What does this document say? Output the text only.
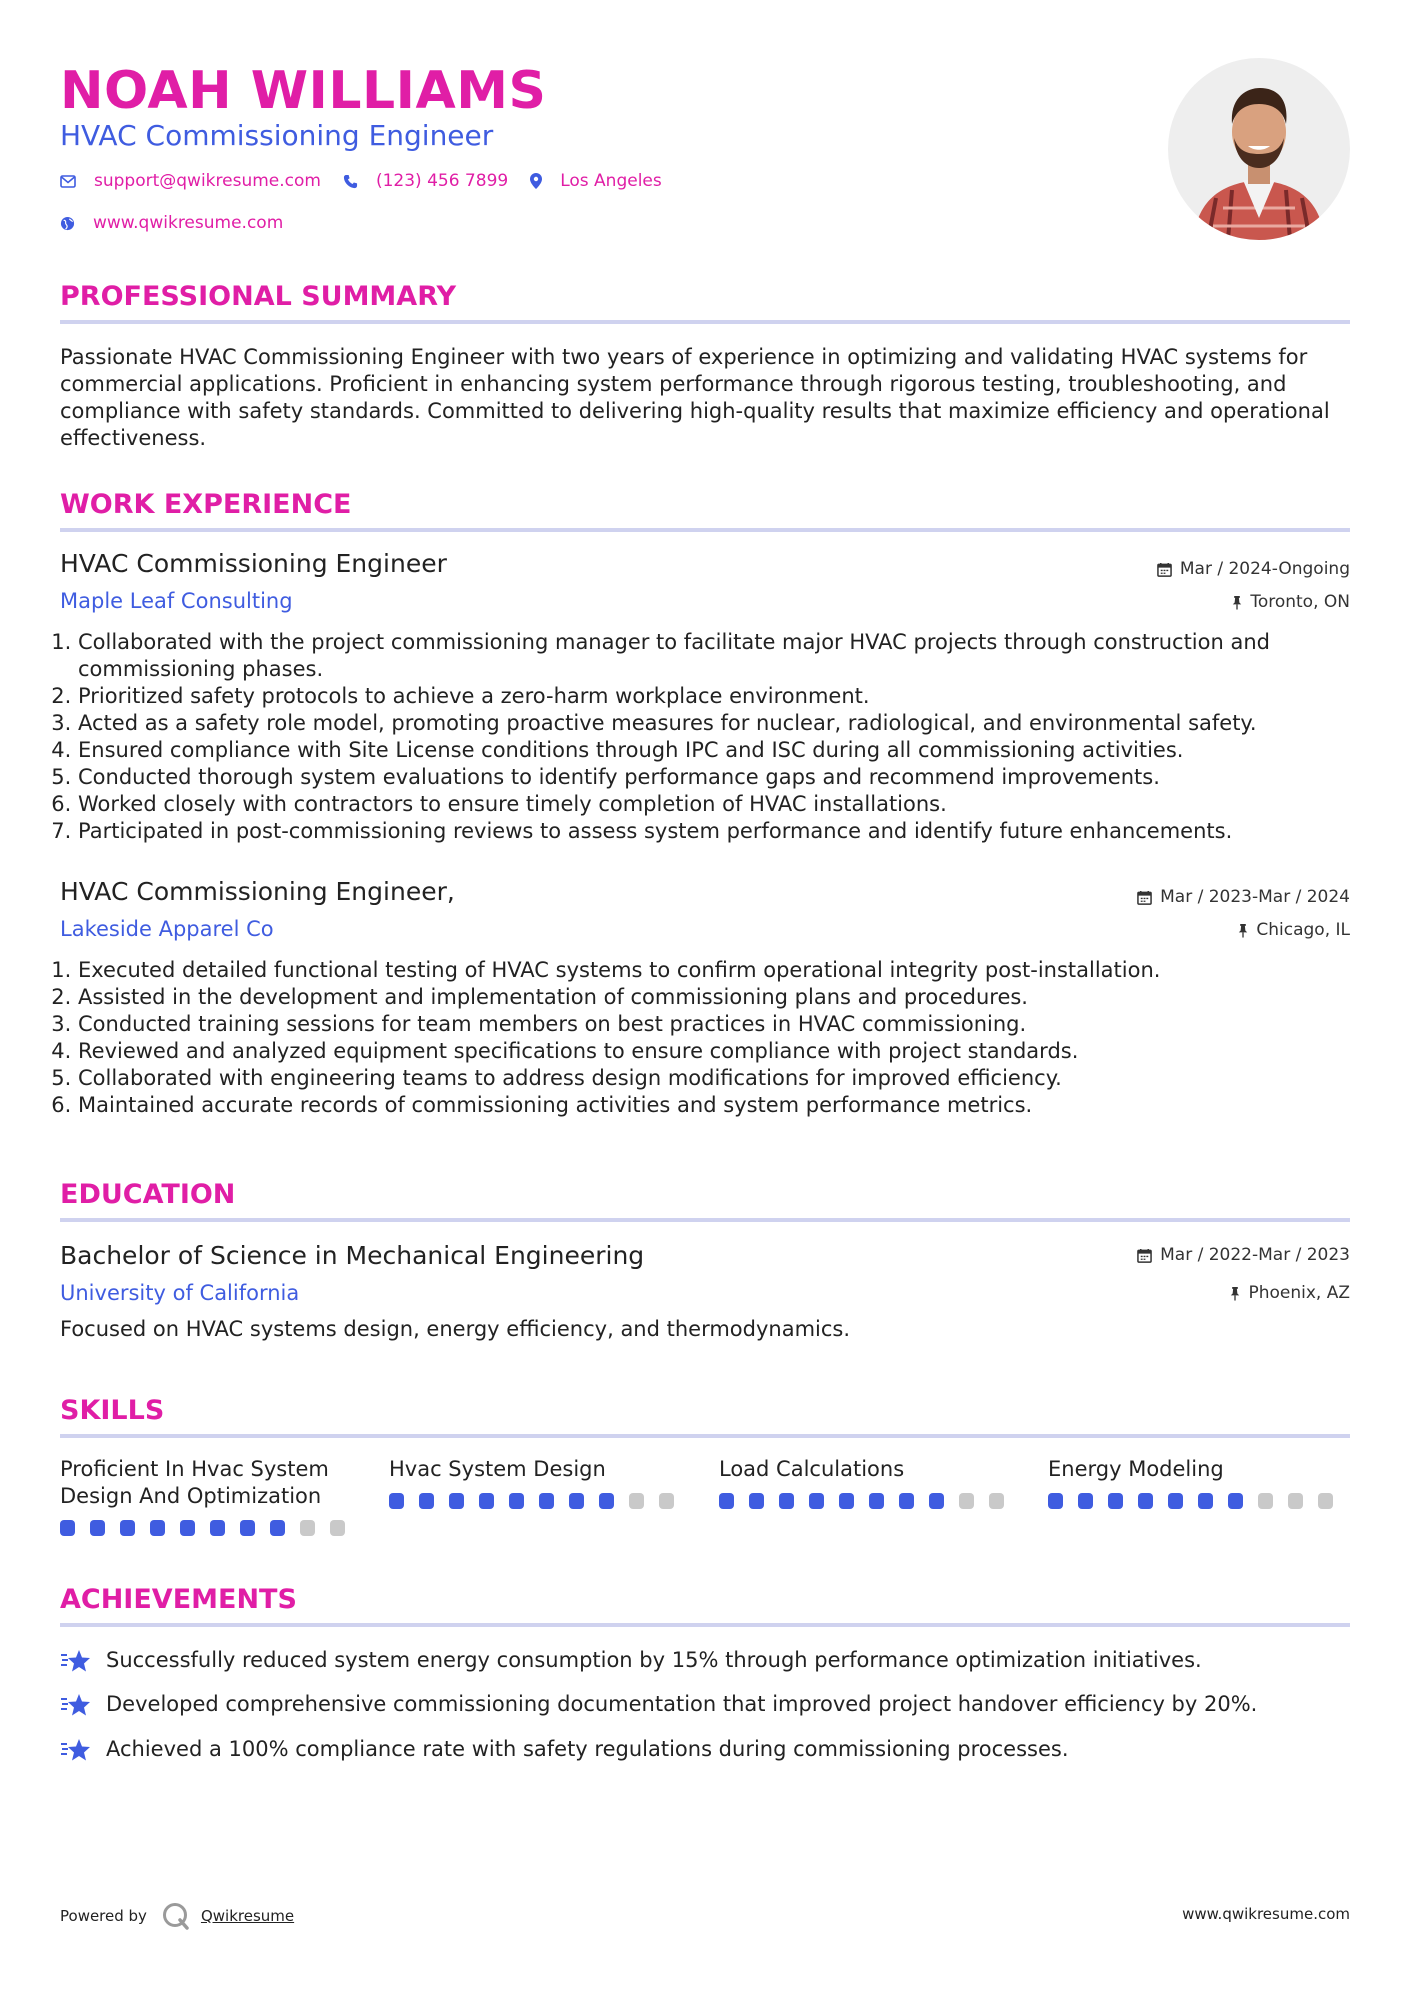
NOAH WILLIAMS
HVAC Commissioning Engineer
support@qwikresume.com	(123) 456 7899	Los Angeles
www.qwikresume.com
PROFESSIONAL SUMMARY

Passionate HVAC Commissioning Engineer with two years of experience in optimizing and validating HVAC systems for commercial applications. Proficient in enhancing system performance through rigorous testing, troubleshooting, and compliance with safety standards. Committed to delivering high-quality results that maximize efficiency and operational effectiveness.

WORK EXPERIENCE
HVAC Commissioning Engineer	Mar / 2024-Ongoing
Maple Leaf Consulting	Toronto, ON
1. Collaborated with the project commissioning manager to facilitate major HVAC projects through construction and commissioning phases.
2. Prioritized safety protocols to achieve a zero-harm workplace environment.
3. Acted as a safety role model, promoting proactive measures for nuclear, radiological, and environmental safety.
4. Ensured compliance with Site License conditions through IPC and ISC during all commissioning activities.
5. Conducted thorough system evaluations to identify performance gaps and recommend improvements.
6. Worked closely with contractors to ensure timely completion of HVAC installations.
7. Participated in post-commissioning reviews to assess system performance and identify future enhancements.
HVAC Commissioning Engineer,	Mar / 2023-Mar / 2024
Lakeside Apparel Co	Chicago, IL
1. Executed detailed functional testing of HVAC systems to confirm operational integrity post-installation.
2. Assisted in the development and implementation of commissioning plans and procedures.
3. Conducted training sessions for team members on best practices in HVAC commissioning.
4. Reviewed and analyzed equipment specifications to ensure compliance with project standards.
5. Collaborated with engineering teams to address design modifications for improved efficiency.
6. Maintained accurate records of commissioning activities and system performance metrics.
EDUCATION
Bachelor of Science in Mechanical Engineering	Mar / 2022-Mar / 2023
University of California	Phoenix, AZ

Focused on HVAC systems design, energy efficiency, and thermodynamics.

SKILLS

Proficient In Hvac System Design And Optimization

Hvac System Design	Load Calculations	Energy Modeling

ACHIEVEMENTS
Successfully reduced system energy consumption by 15% through performance optimization initiatives.
Developed comprehensive commissioning documentation that improved project handover efficiency by 20%.
Achieved a 100% compliance rate with safety regulations during commissioning processes.
Powered by	Qwikresume	www.qwikresume.com
